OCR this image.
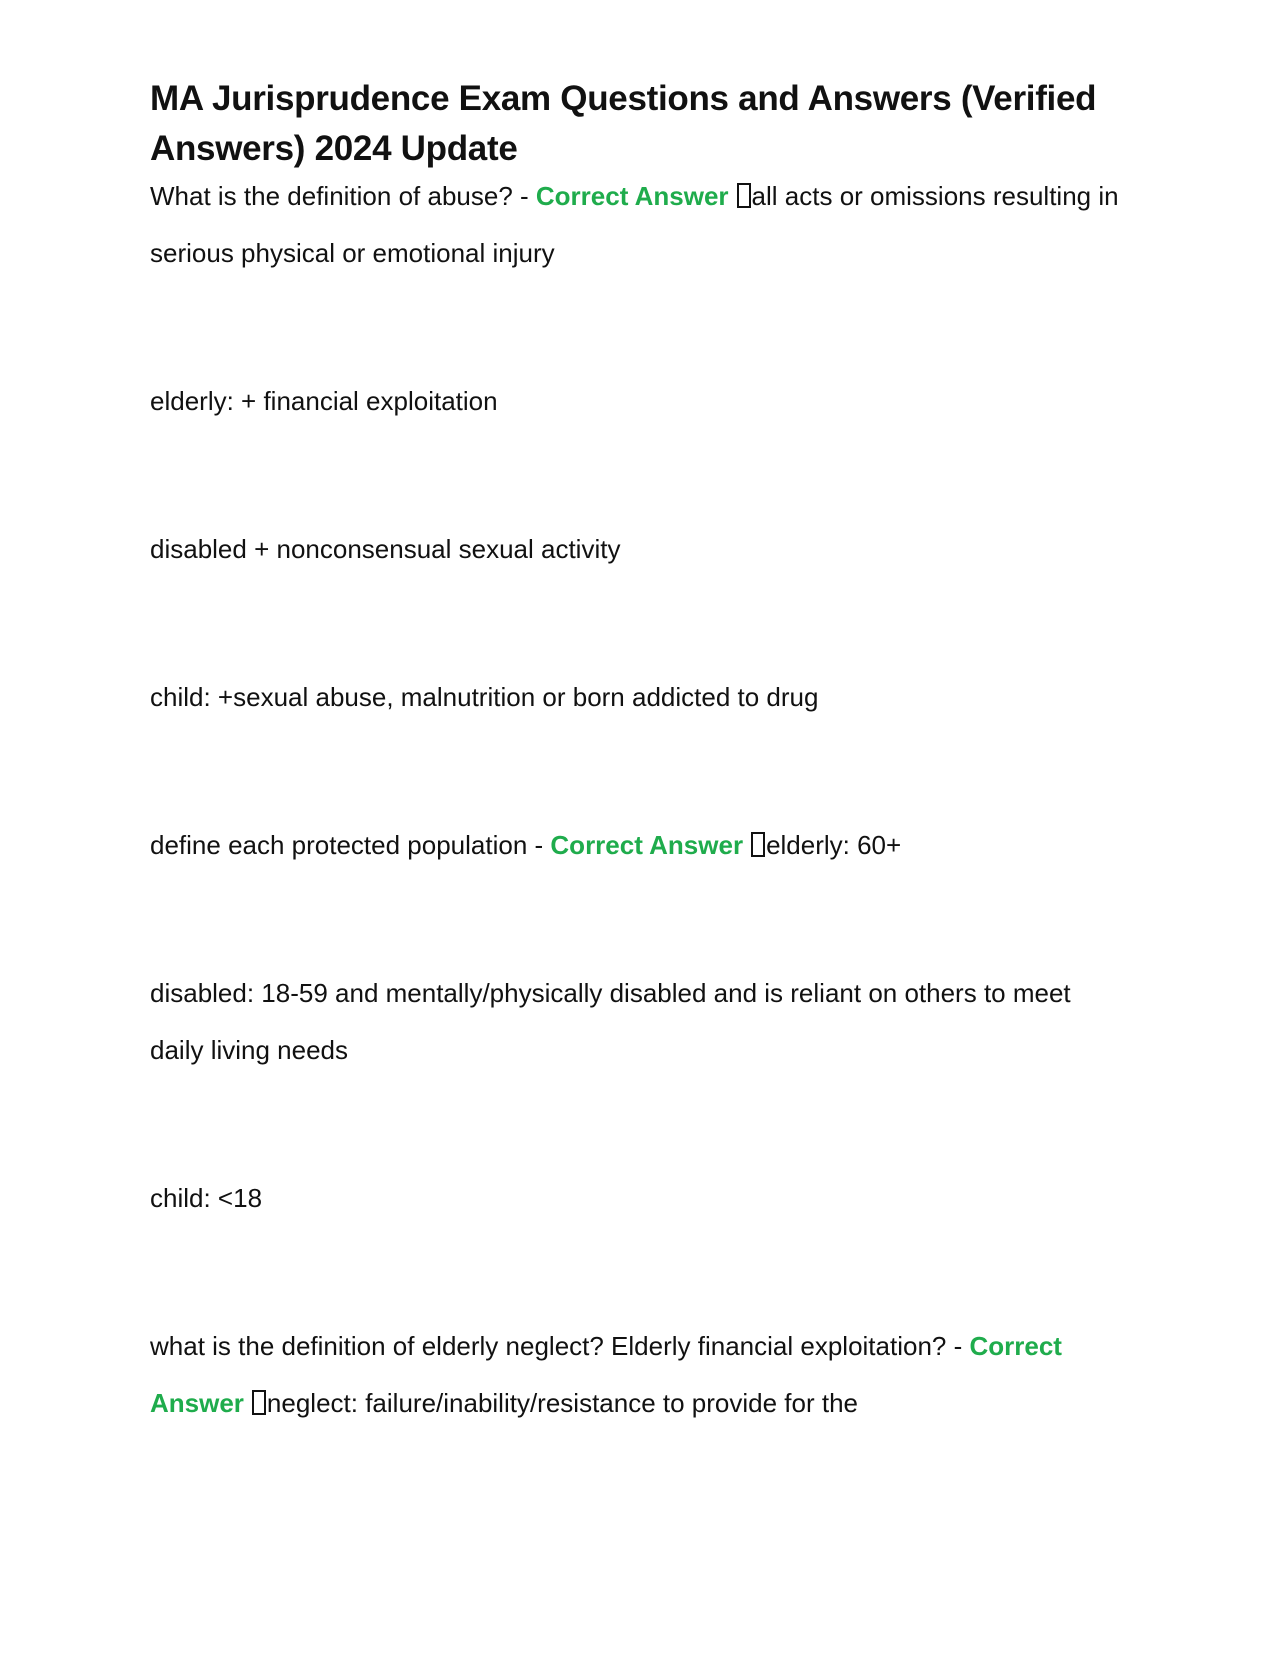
MA Jurisprudence Exam Questions and Answers (Verified Answers) 2024 Update

What is the definition of abuse? - Correct Answer all acts or omissions resulting in serious physical or emotional injury

elderly: + financial exploitation

disabled + nonconsensual sexual activity

child: +sexual abuse, malnutrition or born addicted to drug

define each protected population - Correct Answer elderly: 60+

disabled: 18-59 and mentally/physically disabled and is reliant on others to meet daily living needs

child: <18

what is the definition of elderly neglect? Elderly financial exploitation? - Correct Answer neglect: failure/inability/resistance to provide for the
